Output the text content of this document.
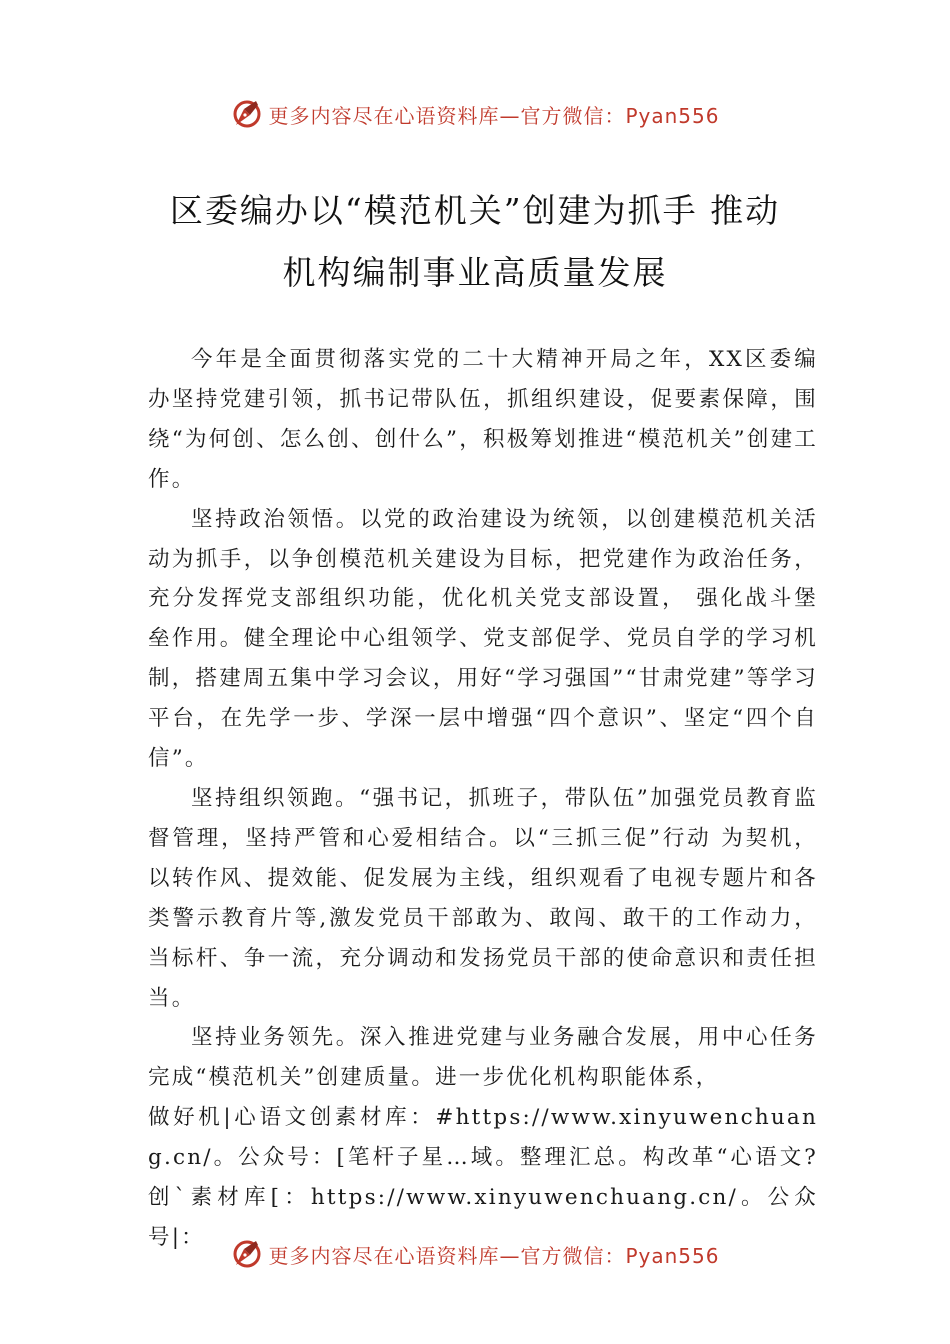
更多内容尽在心语资料库—官方微信：Pyan556
区委编办以“模范机关”创建为抓手 推动
机构编制事业高质量发展

今年是全面贯彻落实党的二十大精神开局之年，XX区委编办坚持党建引领，抓书记带队伍，抓组织建设，促要素保障，围绕“为何创、怎么创、创什么”，积极筹划推进“模范机关”创建工作。

坚持政治领悟。以党的政治建设为统领，以创建模范机关活动为抓手，以争创模范机关建设为目标，把党建作为政治任务，充分发挥党支部组织功能，优化机关党支部设置， 强化战斗堡垒作用。健全理论中心组领学、党支部促学、党员自学的学习机制，搭建周五集中学习会议，用好“学习强国”“甘肃党建”等学习平台，在先学一步、学深一层中增强“四个意识”、坚定“四个自信”。

坚持组织领跑。“强书记，抓班子，带队伍”加强党员教育监督管理，坚持严管和心爱相结合。以“三抓三促”行动 为契机，以转作风、提效能、促发展为主线，组织观看了电视专题片和各类警示教育片等,激发党员干部敢为、敢闯、敢干的工作动力，当标杆、争一流，充分调动和发扬党员干部的使命意识和责任担当。

坚持业务领先。深入推进党建与业务融合发展，用中心任务完成“模范机关”创建质量。进一步优化机构职能体系，

做好机|心语文创素材库：#https://www.xinyuwenchuang.cn/。公众号：[笔杆子星…域。整理汇总。构改革“心语文?创`素材库[：https://www.xinyuwenchuang.cn/。公众号|：

更多内容尽在心语资料库—官方微信：Pyan556
